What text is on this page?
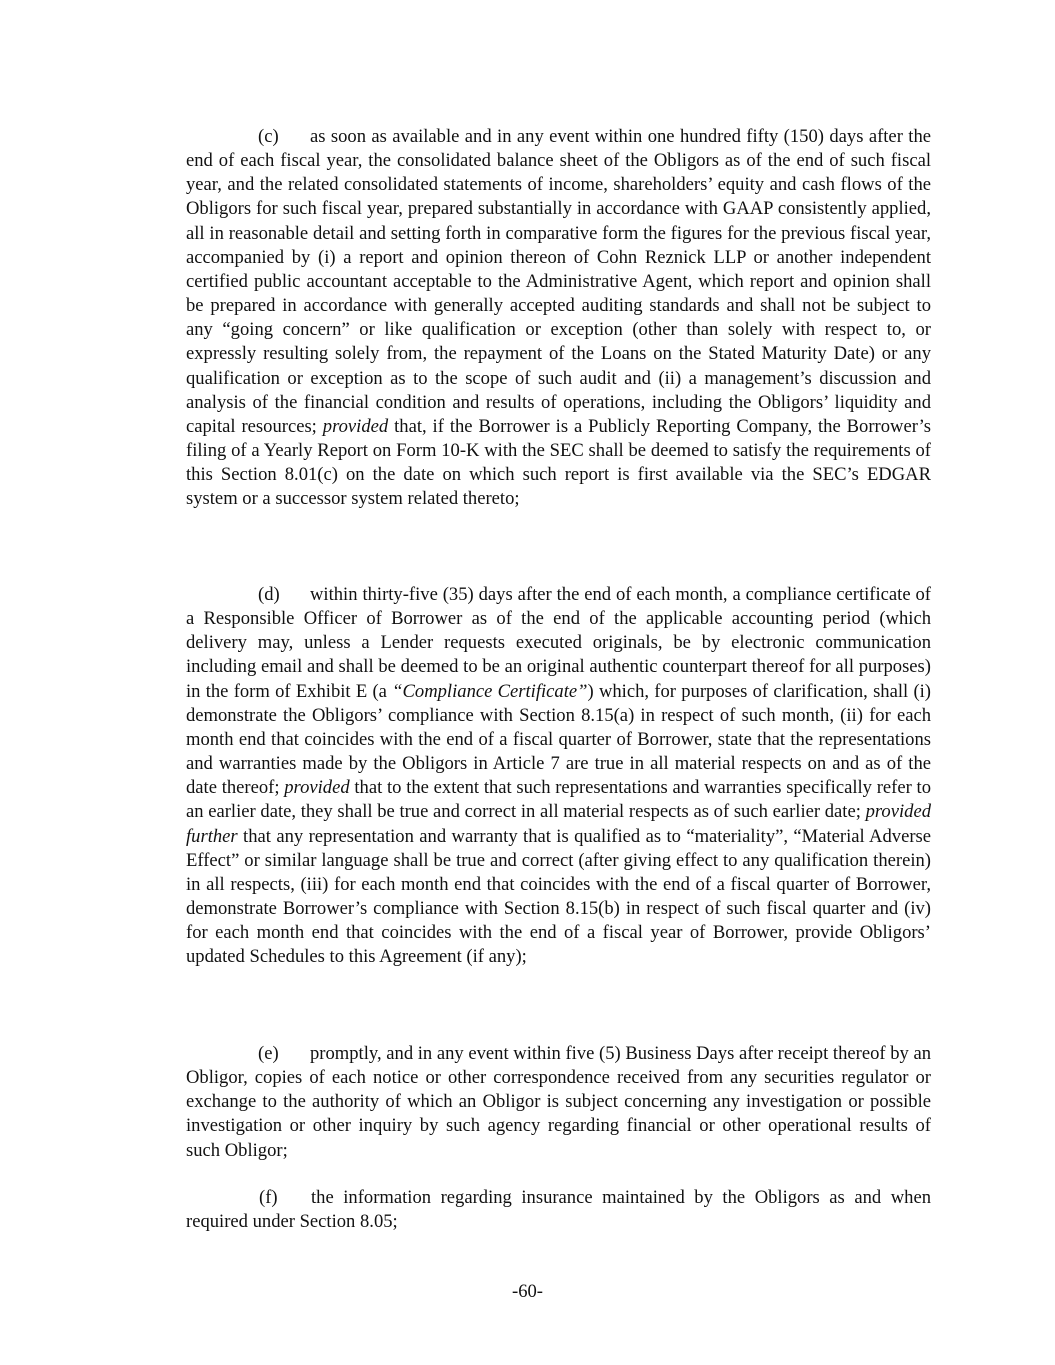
(c) as soon as available and in any event within one hundred fifty (150) days after the end of each fiscal year, the consolidated balance sheet of the Obligors as of the end of such fiscal year, and the related consolidated statements of income, shareholders’ equity and cash flows of the Obligors for such fiscal year, prepared substantially in accordance with GAAP consistently applied, all in reasonable detail and setting forth in comparative form the figures for the previous fiscal year, accompanied by (i) a report and opinion thereon of Cohn Reznick LLP or another independent certified public accountant acceptable to the Administrative Agent, which report and opinion shall be prepared in accordance with generally accepted auditing standards and shall not be subject to any “going concern” or like qualification or exception (other than solely with respect to, or expressly resulting solely from, the repayment of the Loans on the Stated Maturity Date) or any qualification or exception as to the scope of such audit and (ii) a management’s discussion and analysis of the financial condition and results of operations, including the Obligors’ liquidity and capital resources; provided that, if the Borrower is a Publicly Reporting Company, the Borrower’s filing of a Yearly Report on Form 10-K with the SEC shall be deemed to satisfy the requirements of this Section 8.01(c) on the date on which such report is first available via the SEC’s EDGAR system or a successor system related thereto;

(d) within thirty-five (35) days after the end of each month, a compliance certificate of a Responsible Officer of Borrower as of the end of the applicable accounting period (which delivery may, unless a Lender requests executed originals, be by electronic communication including email and shall be deemed to be an original authentic counterpart thereof for all purposes) in the form of Exhibit E (a “Compliance Certificate”) which, for purposes of clarification, shall (i) demonstrate the Obligors’ compliance with Section 8.15(a) in respect of such month, (ii) for each month end that coincides with the end of a fiscal quarter of Borrower, state that the representations and warranties made by the Obligors in Article 7 are true in all material respects on and as of the date thereof; provided that to the extent that such representations and warranties specifically refer to an earlier date, they shall be true and correct in all material respects as of such earlier date; provided further that any representation and warranty that is qualified as to “materiality”, “Material Adverse Effect” or similar language shall be true and correct (after giving effect to any qualification therein) in all respects, (iii) for each month end that coincides with the end of a fiscal quarter of Borrower, demonstrate Borrower’s compliance with Section 8.15(b) in respect of such fiscal quarter and (iv) for each month end that coincides with the end of a fiscal year of Borrower, provide Obligors’ updated Schedules to this Agreement (if any);

(e) promptly, and in any event within five (5) Business Days after receipt thereof by an Obligor, copies of each notice or other correspondence received from any securities regulator or exchange to the authority of which an Obligor is subject concerning any investigation or possible investigation or other inquiry by such agency regarding financial or other operational results of such Obligor;

(f) the information regarding insurance maintained by the Obligors as and when required under Section 8.05;

-60-
